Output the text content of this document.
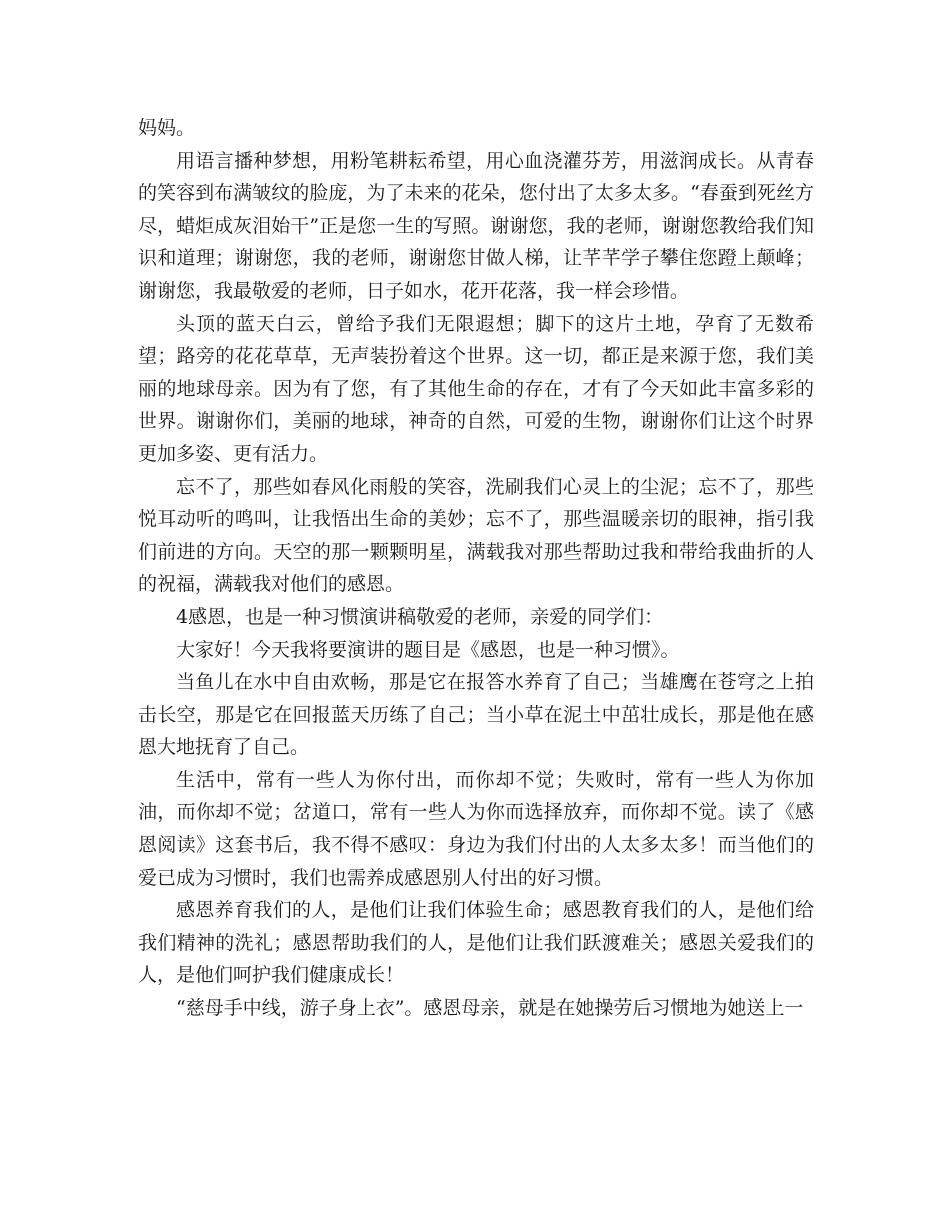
妈妈。

用语言播种梦想，用粉笔耕耘希望，用心血浇灌芬芳，用滋润成长。从青春的笑容到布满皱纹的脸庞，为了未来的花朵，您付出了太多太多。“春蚕到死丝方尽，蜡炬成灰泪始干”正是您一生的写照。谢谢您，我的老师，谢谢您教给我们知识和道理；谢谢您，我的老师，谢谢您甘做人梯，让芊芊学子攀住您蹬上颠峰；谢谢您，我最敬爱的老师，日子如水，花开花落，我一样会珍惜。

头顶的蓝天白云，曾给予我们无限遐想；脚下的这片土地，孕育了无数希望；路旁的花花草草，无声装扮着这个世界。这一切，都正是来源于您，我们美丽的地球母亲。因为有了您，有了其他生命的存在，才有了今天如此丰富多彩的世界。谢谢你们，美丽的地球，神奇的自然，可爱的生物，谢谢你们让这个时界更加多姿、更有活力。

忘不了，那些如春风化雨般的笑容，洗刷我们心灵上的尘泥；忘不了，那些悦耳动听的鸣叫，让我悟出生命的美妙；忘不了，那些温暖亲切的眼神，指引我们前进的方向。天空的那一颗颗明星，满载我对那些帮助过我和带给我曲折的人的祝福，满载我对他们的感恩。

4感恩，也是一种习惯演讲稿敬爱的老师，亲爱的同学们：

大家好！今天我将要演讲的题目是《感恩，也是一种习惯》。

当鱼儿在水中自由欢畅，那是它在报答水养育了自己；当雄鹰在苍穹之上拍击长空，那是它在回报蓝天历练了自己；当小草在泥土中茁壮成长，那是他在感恩大地抚育了自己。

生活中，常有一些人为你付出，而你却不觉；失败时，常有一些人为你加油，而你却不觉；岔道口，常有一些人为你而选择放弃，而你却不觉。读了《感恩阅读》这套书后，我不得不感叹：身边为我们付出的人太多太多！而当他们的爱已成为习惯时，我们也需养成感恩别人付出的好习惯。

感恩养育我们的人，是他们让我们体验生命；感恩教育我们的人，是他们给我们精神的洗礼；感恩帮助我们的人，是他们让我们跃渡难关；感恩关爱我们的人，是他们呵护我们健康成长！

“慈母手中线，游子身上衣”。感恩母亲，就是在她操劳后习惯地为她送上一
